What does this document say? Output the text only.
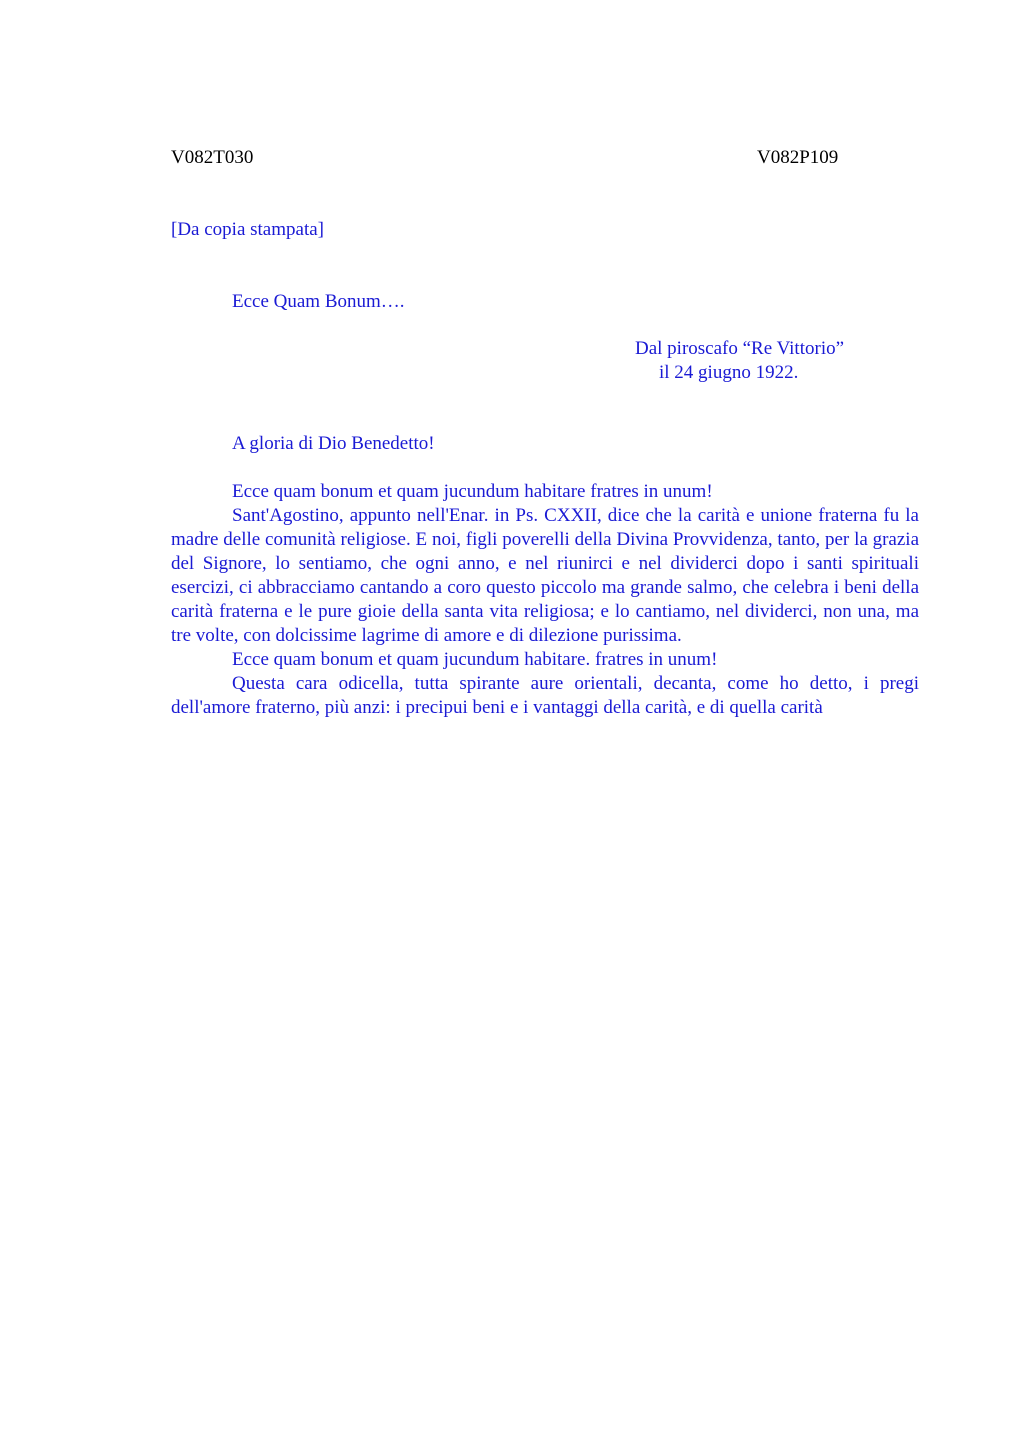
V082T030	V082P109
[Da copia stampata]
Ecce Quam Bonum….
Dal piroscafo “Re Vittorio”
il 24 giugno 1922.
A gloria di Dio Benedetto!

Ecce quam bonum et quam jucundum habitare fratres in unum!

Sant'Agostino, appunto nell'Enar. in Ps. CXXII, dice che la carità e unione fraterna fu la madre delle comunità religiose. E noi, figli poverelli della Divina Provvidenza, tanto, per la grazia del Signore, lo sentiamo, che ogni anno, e nel riunirci e nel dividerci dopo i santi spirituali esercizi, ci abbracciamo cantando a coro questo piccolo ma grande salmo, che celebra i beni della carità fraterna e le pure gioie della santa vita religiosa; e lo cantiamo, nel dividerci, non una, ma tre volte, con dolcissime lagrime di amore e di dilezione purissima.

Ecce quam bonum et quam jucundum habitare. fratres in unum!

Questa cara odicella, tutta spirante aure orientali, decanta, come ho detto, i pregi dell'amore fraterno, più anzi: i precipui beni e i vantaggi della carità, e di quella carità
